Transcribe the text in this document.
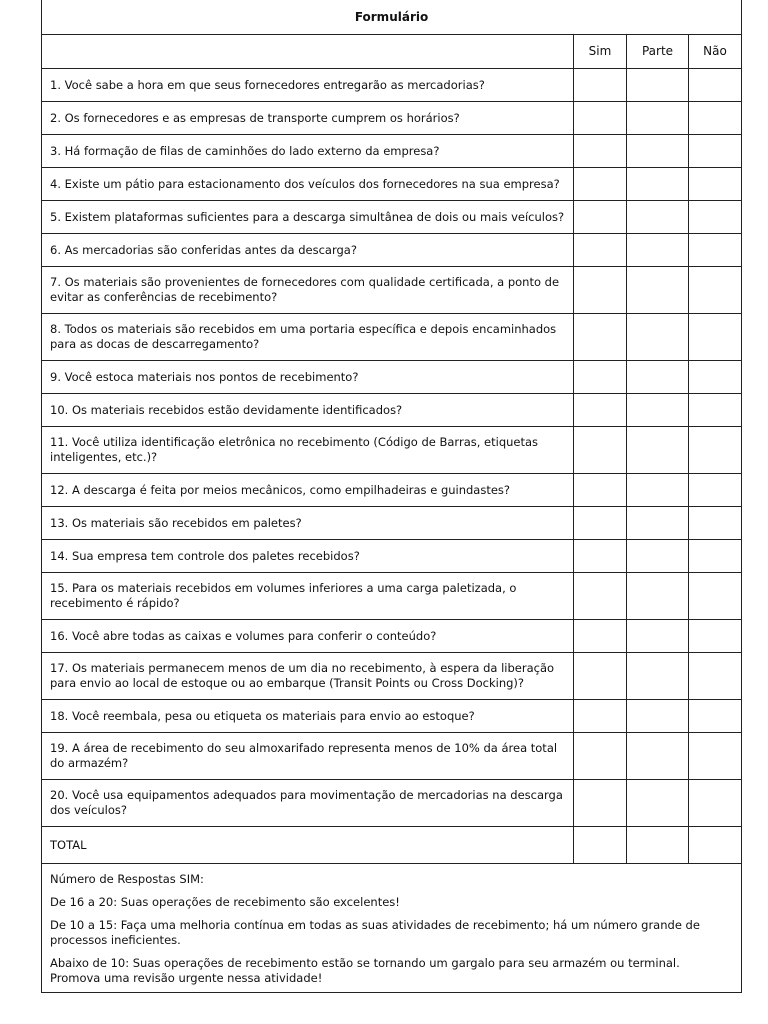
Formulário			
	Sim	Parte	Não
1. Você sabe a hora em que seus fornecedores entregarão as mercadorias?			
2. Os fornecedores e as empresas de transporte cumprem os horários?			
3. Há formação de filas de caminhões do lado externo da empresa?			
4. Existe um pátio para estacionamento dos veículos dos fornecedores na sua empresa?			
5. Existem plataformas suficientes para a descarga simultânea de dois ou mais veículos?			
6. As mercadorias são conferidas antes da descarga?			
7. Os materiais são provenientes de fornecedores com qualidade certificada, a ponto de evitar as conferências de recebimento?			
8. Todos os materiais são recebidos em uma portaria específica e depois encaminhados para as docas de descarregamento?			
9. Você estoca materiais nos pontos de recebimento?			
10. Os materiais recebidos estão devidamente identificados?			
11. Você utiliza identificação eletrônica no recebimento (Código de Barras, etiquetas inteligentes, etc.)?			
12. A descarga é feita por meios mecânicos, como empilhadeiras e guindastes?			
13. Os materiais são recebidos em paletes?			
14. Sua empresa tem controle dos paletes recebidos?			
15. Para os materiais recebidos em volumes inferiores a uma carga paletizada, o recebimento é rápido?			
16. Você abre todas as caixas e volumes para conferir o conteúdo?			
17. Os materiais permanecem menos de um dia no recebimento, à espera da liberação para envio ao local de estoque ou ao embarque (Transit Points ou Cross Docking)?			
18. Você reembala, pesa ou etiqueta os materiais para envio ao estoque?			
19. A área de recebimento do seu almoxarifado representa menos de 10% da área total do armazém?			
20. Você usa equipamentos adequados para movimentação de mercadorias na descarga dos veículos?			
TOTAL			

Número de Respostas SIM:

De 16 a 20: Suas operações de recebimento são excelentes!

De 10 a 15: Faça uma melhoria contínua em todas as suas atividades de recebimento; há um número grande de processos ineficientes.

Abaixo de 10: Suas operações de recebimento estão se tornando um gargalo para seu armazém ou terminal. Promova uma revisão urgente nessa atividade!			
